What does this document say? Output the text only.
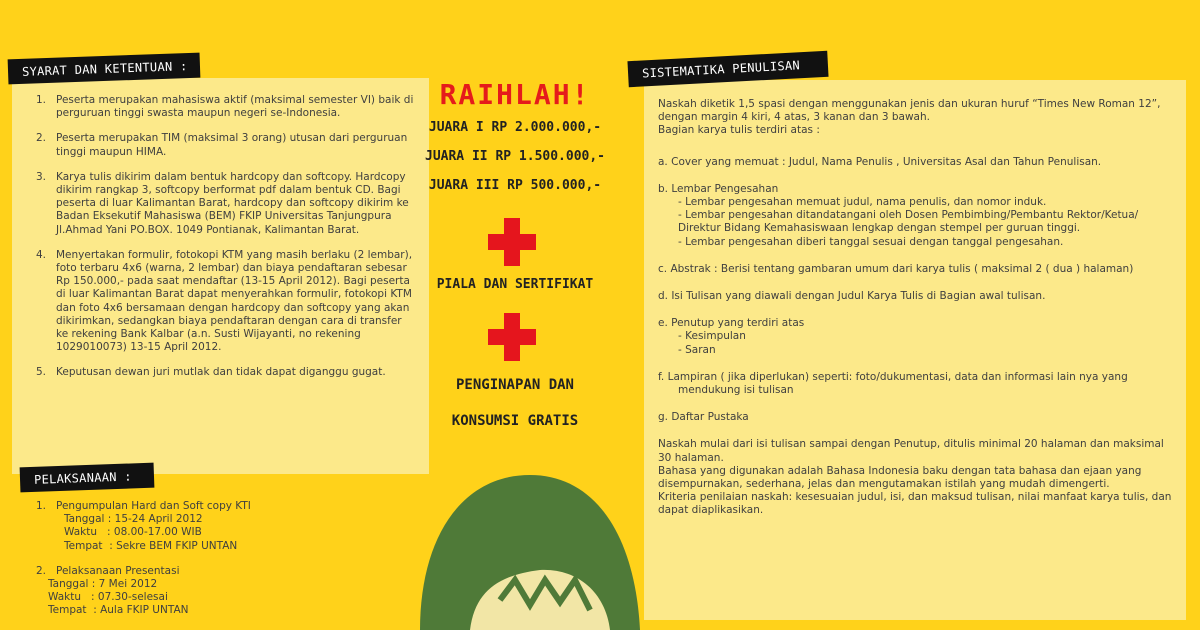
SYARAT DAN KETENTUAN :
1. Peserta merupakan mahasiswa aktif (maksimal semester VI) baik di perguruan tinggi swasta maupun negeri se-Indonesia.
2. Peserta merupakan TIM (maksimal 3 orang) utusan dari perguruan tinggi maupun HIMA.
3. Karya tulis dikirim dalam bentuk hardcopy dan softcopy. Hardcopy dikirim rangkap 3, softcopy berformat pdf dalam bentuk CD. Bagi peserta di luar Kalimantan Barat, hardcopy dan softcopy dikirim ke Badan Eksekutif Mahasiswa (BEM) FKIP Universitas Tanjungpura Jl.Ahmad Yani PO.BOX. 1049 Pontianak, Kalimantan Barat.
4. Menyertakan formulir, fotokopi KTM yang masih berlaku (2 lembar), foto terbaru 4x6 (warna, 2 lembar) dan biaya pendaftaran sebesar Rp 150.000,- pada saat mendaftar (13-15 April 2012). Bagi peserta di luar Kalimantan Barat dapat menyerahkan formulir, fotokopi KTM dan foto 4x6 bersamaan dengan hardcopy dan softcopy yang akan dikirimkan, sedangkan biaya pendaftaran dengan cara di transfer ke rekening Bank Kalbar (a.n. Susti Wijayanti, no rekening 1029010073) 13-15 April 2012.
5. Keputusan dewan juri mutlak dan tidak dapat diganggu gugat.
PELAKSANAAN :
1. Pengumpulan Hard dan Soft copy KTI
Tanggal : 15-24 April 2012
Waktu   : 08.00-17.00 WIB
Tempat  : Sekre BEM FKIP UNTAN
2. Pelaksanaan Presentasi
Tanggal : 7 Mei 2012
Waktu   : 07.30-selesai
Tempat  : Aula FKIP UNTAN
RAIHLAH!
JUARA I RP 2.000.000,-
JUARA II RP 1.500.000,-
JUARA III RP 500.000,-
PIALA DAN SERTIFIKAT
PENGINAPAN DAN
KONSUMSI GRATIS
SISTEMATIKA PENULISAN

Naskah diketik 1,5 spasi dengan menggunakan jenis dan ukuran huruf “Times New Roman 12”, dengan margin 4 kiri, 4 atas, 3 kanan dan 3 bawah.

Bagian karya tulis terdiri atas :

a. Cover yang memuat : Judul, Nama Penulis , Universitas Asal dan Tahun Penulisan.

b. Lembar Pengesahan

- Lembar pengesahan memuat judul, nama penulis, dan nomor induk.
- Lembar pengesahan ditandatangani oleh Dosen Pembimbing/Pembantu Rektor/Ketua/ Direktur Bidang Kemahasiswaan lengkap dengan stempel per guruan tinggi.
- Lembar pengesahan diberi tanggal sesuai dengan tanggal pengesahan.

c. Abstrak : Berisi tentang gambaran umum dari karya tulis ( maksimal 2 ( dua ) halaman)

d. Isi Tulisan yang diawali dengan Judul Karya Tulis di Bagian awal tulisan.

e. Penutup yang terdiri atas

- Kesimpulan
- Saran

f. Lampiran ( jika diperlukan) seperti: foto/dukumentasi, data dan informasi lain nya yang mendukung isi tulisan

g. Daftar Pustaka

Naskah mulai dari isi tulisan sampai dengan Penutup, ditulis minimal 20 halaman dan maksimal 30 halaman.
Bahasa yang digunakan adalah Bahasa Indonesia baku dengan tata bahasa dan ejaan yang disempurnakan, sederhana, jelas dan mengutamakan istilah yang mudah dimengerti.
Kriteria penilaian naskah: kesesuaian judul, isi, dan maksud tulisan, nilai manfaat karya tulis, dan dapat diaplikasikan.
